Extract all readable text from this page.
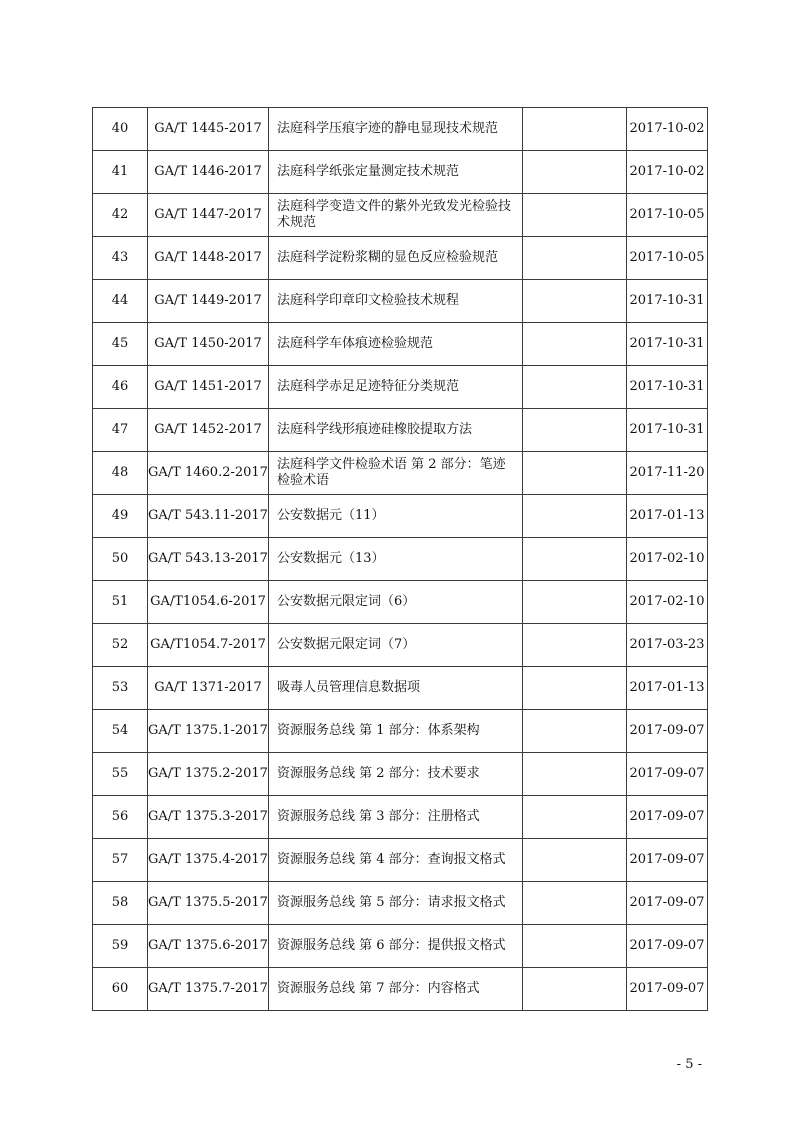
40	GA/T 1445-2017	法庭科学压痕字迹的静电显现技术规范		2017-10-02
41	GA/T 1446-2017	法庭科学纸张定量测定技术规范		2017-10-02
42	GA/T 1447-2017	法庭科学变造文件的紫外光致发光检验技术规范		2017-10-05
43	GA/T 1448-2017	法庭科学淀粉浆糊的显色反应检验规范		2017-10-05
44	GA/T 1449-2017	法庭科学印章印文检验技术规程		2017-10-31
45	GA/T 1450-2017	法庭科学车体痕迹检验规范		2017-10-31
46	GA/T 1451-2017	法庭科学赤足足迹特征分类规范		2017-10-31
47	GA/T 1452-2017	法庭科学线形痕迹硅橡胶提取方法		2017-10-31
48	GA/T 1460.2-2017	法庭科学文件检验术语 第 2 部分：笔迹检验术语		2017-11-20
49	GA/T 543.11-2017	公安数据元（11）		2017-01-13
50	GA/T 543.13-2017	公安数据元（13）		2017-02-10
51	GA/T1054.6-2017	公安数据元限定词（6）		2017-02-10
52	GA/T1054.7-2017	公安数据元限定词（7）		2017-03-23
53	GA/T 1371-2017	吸毒人员管理信息数据项		2017-01-13
54	GA/T 1375.1-2017	资源服务总线 第 1 部分：体系架构		2017-09-07
55	GA/T 1375.2-2017	资源服务总线 第 2 部分：技术要求		2017-09-07
56	GA/T 1375.3-2017	资源服务总线 第 3 部分：注册格式		2017-09-07
57	GA/T 1375.4-2017	资源服务总线 第 4 部分：查询报文格式		2017-09-07
58	GA/T 1375.5-2017	资源服务总线 第 5 部分：请求报文格式		2017-09-07
59	GA/T 1375.6-2017	资源服务总线 第 6 部分：提供报文格式		2017-09-07
60	GA/T 1375.7-2017	资源服务总线 第 7 部分：内容格式		2017-09-07
- 5 -
